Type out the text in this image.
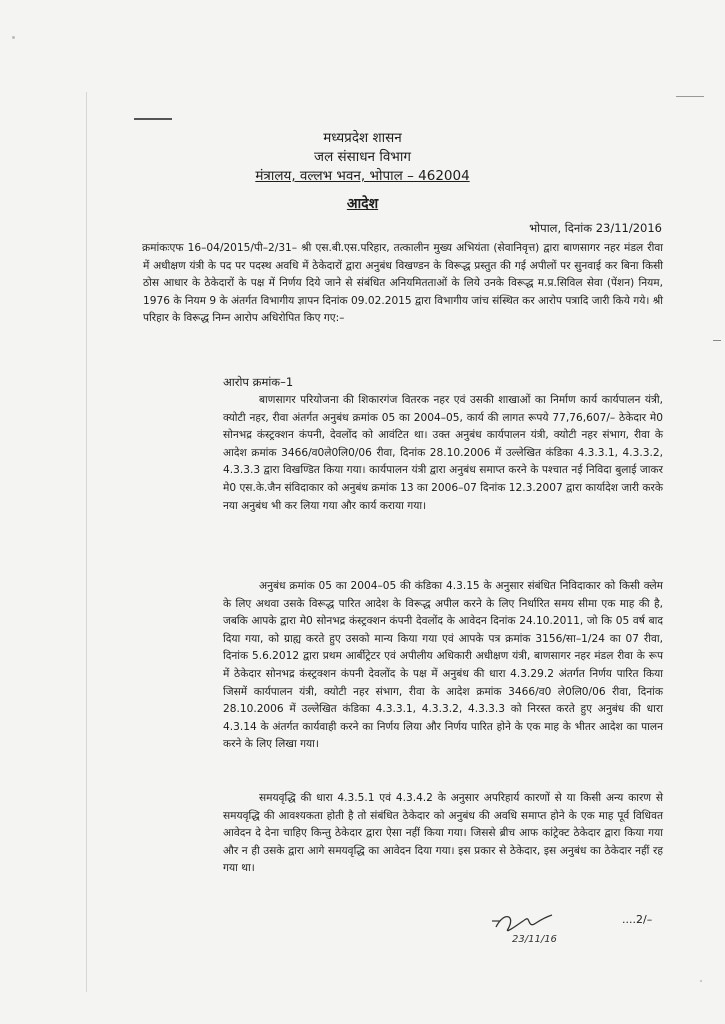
मध्यप्रदेश शासन
जल संसाधन विभाग
मंत्रालय, वल्लभ भवन, भोपाल – 462004
आदेश
भोपाल, दिनांक 23/11/2016
क्रमांकःएफ 16–04/2015/पी–2/31– श्री एस.बी.एस.परिहार, तत्कालीन मुख्य अभियंता (सेवानिवृत्त) द्वारा बाणसागर नहर मंडल रीवा में अधीक्षण यंत्री के पद पर पदस्थ अवधि में ठेकेदारों द्वारा अनुबंध विखण्डन के विरूद्ध प्रस्तुत की गई अपीलों पर सुनवाई कर बिना किसी ठोस आधार के ठेकेदारों के पक्ष में निर्णय दिये जाने से संबंधित अनियमितताओं के लिये उनके विरूद्ध म.प्र.सिविल सेवा (पेंशन) नियम, 1976 के नियम 9 के अंतर्गत विभागीय ज्ञापन दिनांक 09.02.2015 द्वारा विभागीय जांच संस्थित कर आरोप पत्रादि जारी किये गये। श्री परिहार के विरूद्ध निम्न आरोप अधिरोपित किए गए:–
आरोप क्रमांक–1
बाणसागर परियोजना की शिकारगंज वितरक नहर एवं उसकी शाखाओं का निर्माण कार्य कार्यपालन यंत्री, क्योटी नहर, रीवा अंतर्गत अनुबंध क्रमांक 05 का 2004–05, कार्य की लागत रूपये 77,76,607/– ठेकेदार मे0 सोनभद्र कंस्ट्रक्शन कंपनी, देवलोंद को आवंटित था। उक्त अनुबंध कार्यपालन यंत्री, क्योटी नहर संभाग, रीवा के आदेश क्रमांक 3466/व0ले0लि0/06 रीवा, दिनांक 28.10.2006 में उल्लेखित कंडिका 4.3.3.1, 4.3.3.2, 4.3.3.3 द्वारा विखण्डित किया गया। कार्यपालन यंत्री द्वारा अनुबंध समाप्त करने के पश्चात नई निविदा बुलाई जाकर मे0 एस.के.जैन संविदाकार को अनुबंध क्रमांक 13 का 2006–07 दिनांक 12.3.2007 द्वारा कार्यादेश जारी करके नया अनुबंध भी कर लिया गया और कार्य कराया गया।
अनुबंध क्रमांक 05 का 2004–05 की कंडिका 4.3.15 के अनुसार संबंधित निविदाकार को किसी क्लेम के लिए अथवा उसके विरूद्ध पारित आदेश के विरूद्ध अपील करने के लिए निर्धारित समय सीमा एक माह की है, जबकि आपके द्वारा मे0 सोनभद्र कंस्ट्रक्शन कंपनी देवलोंद के आवेदन दिनांक 24.10.2011, जो कि 05 वर्ष बाद दिया गया, को ग्राह्य करते हुए उसको मान्य किया गया एवं आपके पत्र क्रमांक 3156/सा–1/24 का 07 रीवा, दिनांक 5.6.2012 द्वारा प्रथम आर्बीट्रेटर एवं अपीलीय अधिकारी अधीक्षण यंत्री, बाणसागर नहर मंडल रीवा के रूप में ठेकेदार सोनभद्र कंस्ट्रक्शन कंपनी देवलोंद के पक्ष में अनुबंध की धारा 4.3.29.2 अंतर्गत निर्णय पारित किया जिसमें कार्यपालन यंत्री, क्योटी नहर संभाग, रीवा के आदेश क्रमांक 3466/व0 ले0लि0/06 रीवा, दिनांक 28.10.2006 में उल्लेखित कंडिका 4.3.3.1, 4.3.3.2, 4.3.3.3 को निरस्त करते हुए अनुबंध की धारा 4.3.14 के अंतर्गत कार्यवाही करने का निर्णय लिया और निर्णय पारित होने के एक माह के भीतर आदेश का पालन करने के लिए लिखा गया।
समयवृद्धि की धारा 4.3.5.1 एवं 4.3.4.2 के अनुसार अपरिहार्य कारणों से या किसी अन्य कारण से समयवृद्धि की आवश्यकता होती है तो संबंधित ठेकेदार को अनुबंध की अवधि समाप्त होने के एक माह पूर्व विधिवत आवेदन दे देना चाहिए किन्तु ठेकेदार द्वारा ऐसा नहीं किया गया। जिससे ब्रीच आफ कांट्रेक्ट ठेकेदार द्वारा किया गया और न ही उसके द्वारा आगे समयवृद्धि का आवेदन दिया गया। इस प्रकार से ठेकेदार, इस अनुबंध का ठेकेदार नहीं रह गया था।
23/11/16
....2/–
